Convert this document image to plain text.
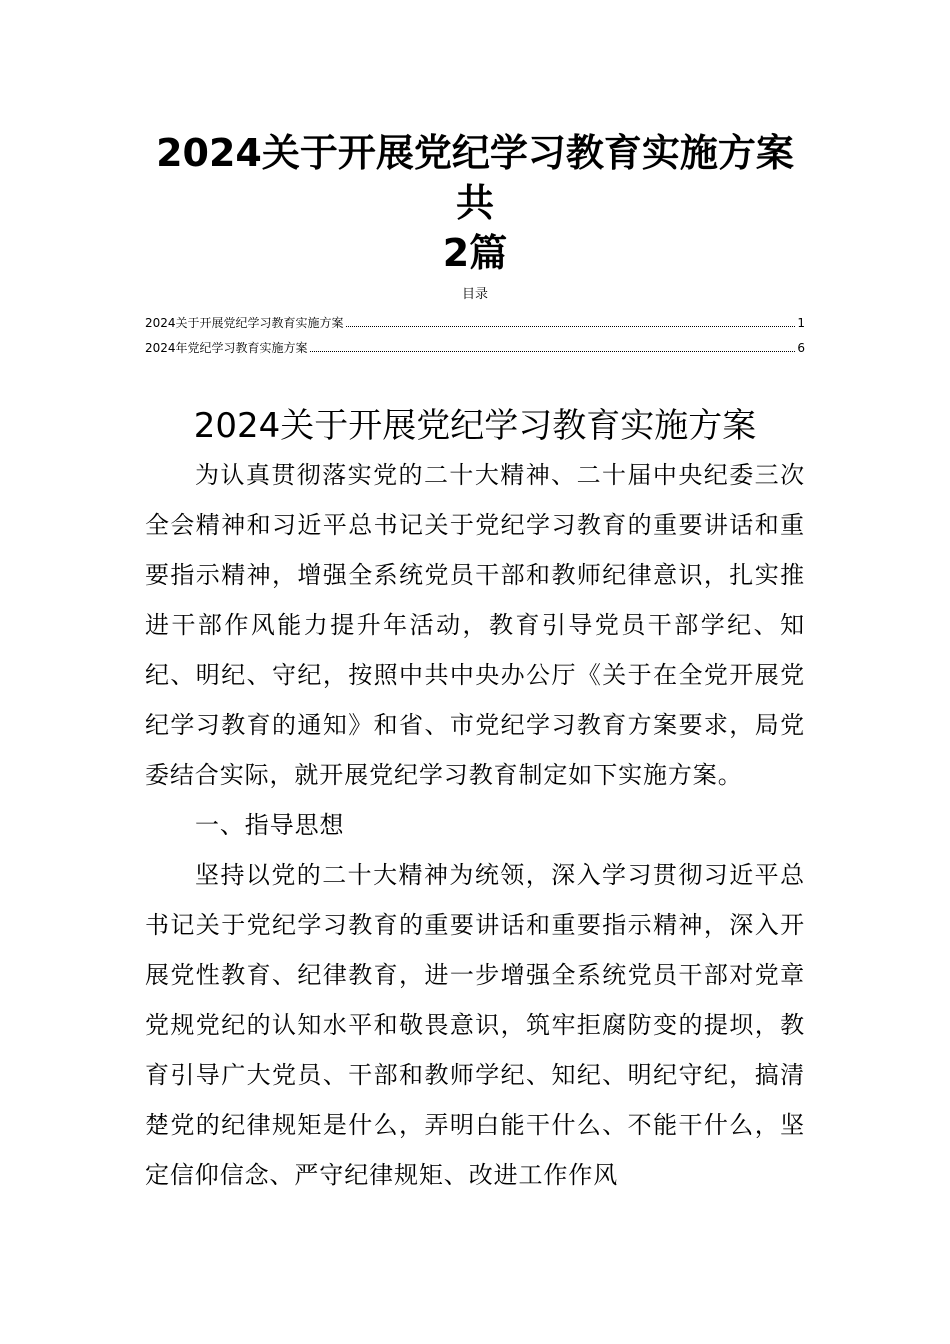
2024关于开展党纪学习教育实施方案共
2篇
目录
2024关于开展党纪学习教育实施方案	1
2024年党纪学习教育实施方案	6
2024关于开展党纪学习教育实施方案

为认真贯彻落实党的二十大精神、二十届中央纪委三次全会精神和习近平总书记关于党纪学习教育的重要讲话和重要指示精神，增强全系统党员干部和教师纪律意识，扎实推进干部作风能力提升年活动，教育引导党员干部学纪、知纪、明纪、守纪，按照中共中央办公厅《关于在全党开展党纪学习教育的通知》和省、市党纪学习教育方案要求，局党委结合实际，就开展党纪学习教育制定如下实施方案。

一、指导思想

坚持以党的二十大精神为统领，深入学习贯彻习近平总书记关于党纪学习教育的重要讲话和重要指示精神，深入开展党性教育、纪律教育，进一步增强全系统党员干部对党章党规党纪的认知水平和敬畏意识，筑牢拒腐防变的提坝，教育引导广大党员、干部和教师学纪、知纪、明纪守纪，搞清楚党的纪律规矩是什么，弄明白能干什么、不能干什么，坚定信仰信念、严守纪律规矩、改进工作作风
